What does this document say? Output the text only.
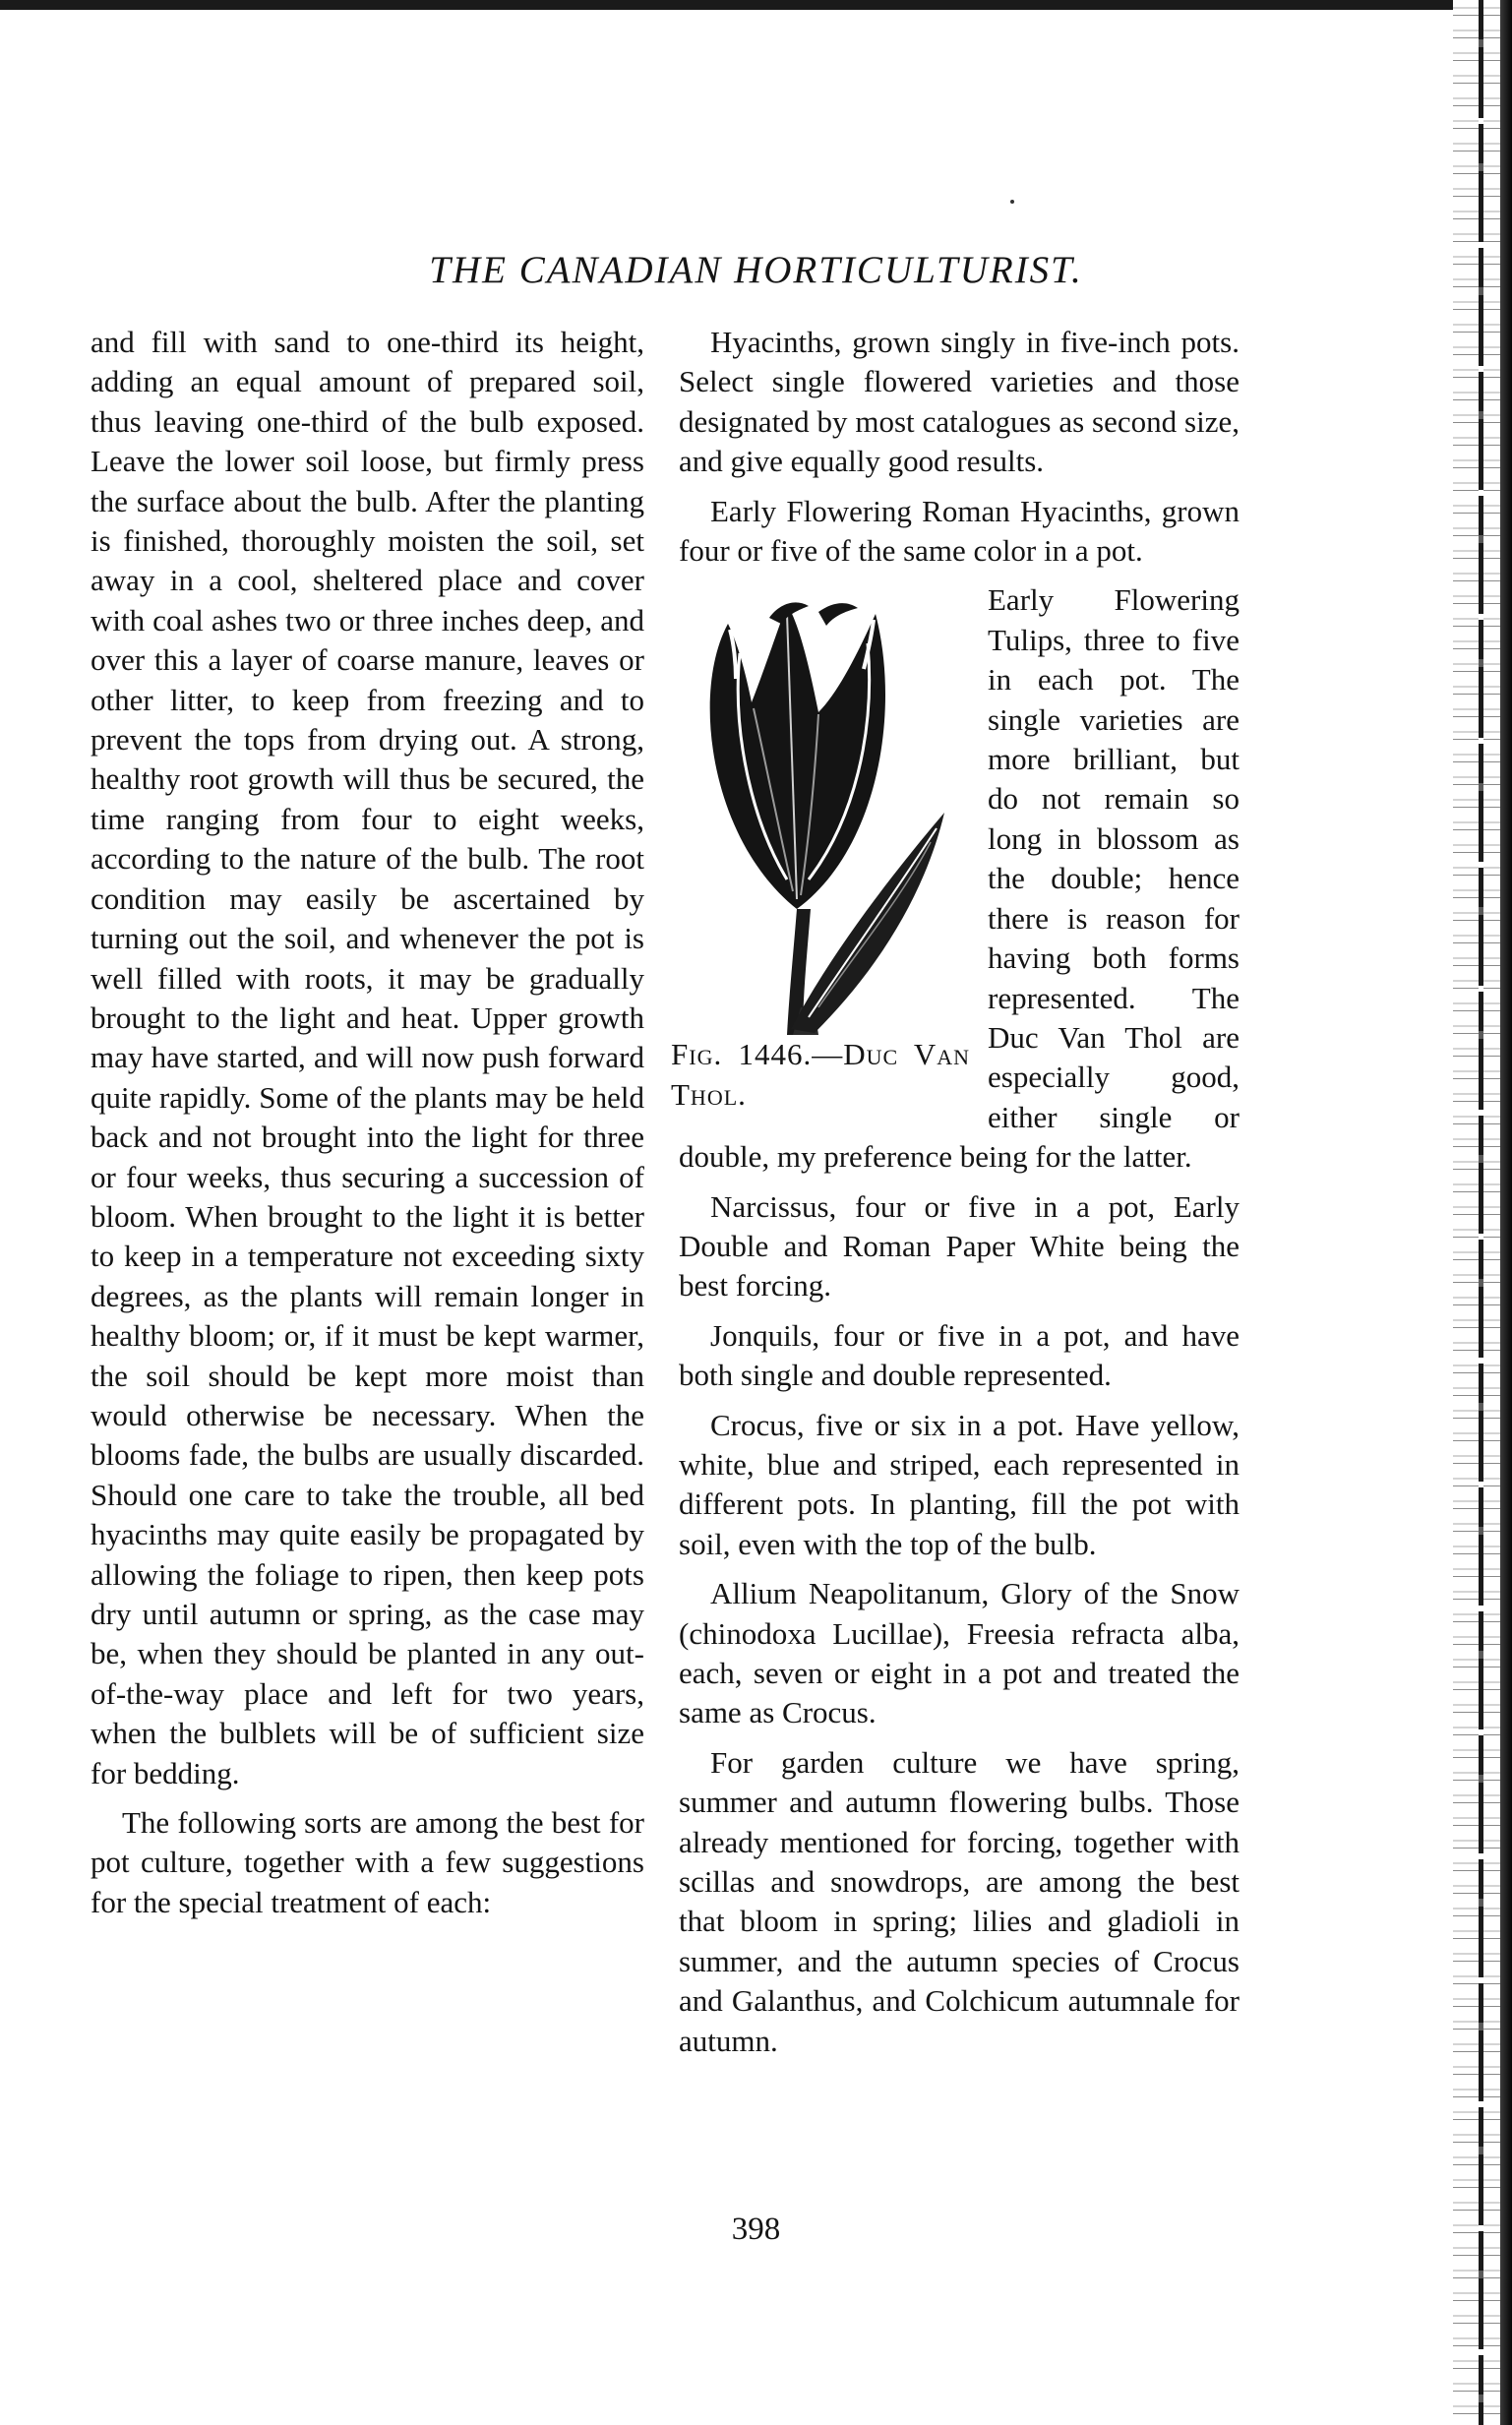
THE CANADIAN HORTICULTURIST.

and fill with sand to one-third its height, adding an equal amount of prepared soil, thus leaving one-third of the bulb exposed. Leave the lower soil loose, but firmly press the surface about the bulb. After the planting is finished, thoroughly moisten the soil, set away in a cool, sheltered place and cover with coal ashes two or three inches deep, and over this a layer of coarse manure, leaves or other litter, to keep from freezing and to prevent the tops from drying out. A strong, healthy root growth will thus be secured, the time ranging from four to eight weeks, according to the nature of the bulb. The root condition may easily be ascertained by turning out the soil, and whenever the pot is well filled with roots, it may be gradually brought to the light and heat. Upper growth may have started, and will now push forward quite rapidly. Some of the plants may be held back and not brought into the light for three or four weeks, thus securing a succession of bloom. When brought to the light it is better to keep in a temperature not exceeding sixty degrees, as the plants will remain longer in healthy bloom; or, if it must be kept warmer, the soil should be kept more moist than would otherwise be necessary. When the blooms fade, the bulbs are usually discarded. Should one care to take the trouble, all bed hyacinths may quite easily be propagated by allowing the foliage to ripen, then keep pots dry until autumn or spring, as the case may be, when they should be planted in any out-of-the-way place and left for two years, when the bulblets will be of sufficient size for bedding.

The following sorts are among the best for pot culture, together with a few suggestions for the special treatment of each:

Hyacinths, grown singly in five-inch pots. Select single flowered varieties and those designated by most catalogues as second size, and give equally good results.

Early Flowering Roman Hyacinths, grown four or five of the same color in a pot.

Fig. 1446.—Duc Van Thol.

Early Flowering Tulips, three to five in each pot. The single varieties are more brilliant, but do not remain so long in blossom as the double; hence there is reason for having both forms represented. The Duc Van Thol are especially good, either single or double, my preference being for the latter.

Narcissus, four or five in a pot, Early Double and Roman Paper White being the best forcing.

Jonquils, four or five in a pot, and have both single and double represented.

Crocus, five or six in a pot. Have yellow, white, blue and striped, each represented in different pots. In planting, fill the pot with soil, even with the top of the bulb.

Allium Neapolitanum, Glory of the Snow (chinodoxa Lucillae), Freesia refracta alba, each, seven or eight in a pot and treated the same as Crocus.

For garden culture we have spring, summer and autumn flowering bulbs. Those already mentioned for forcing, together with scillas and snowdrops, are among the best that bloom in spring; lilies and gladioli in summer, and the autumn species of Crocus and Galanthus, and Colchicum autumnale for autumn.

398
